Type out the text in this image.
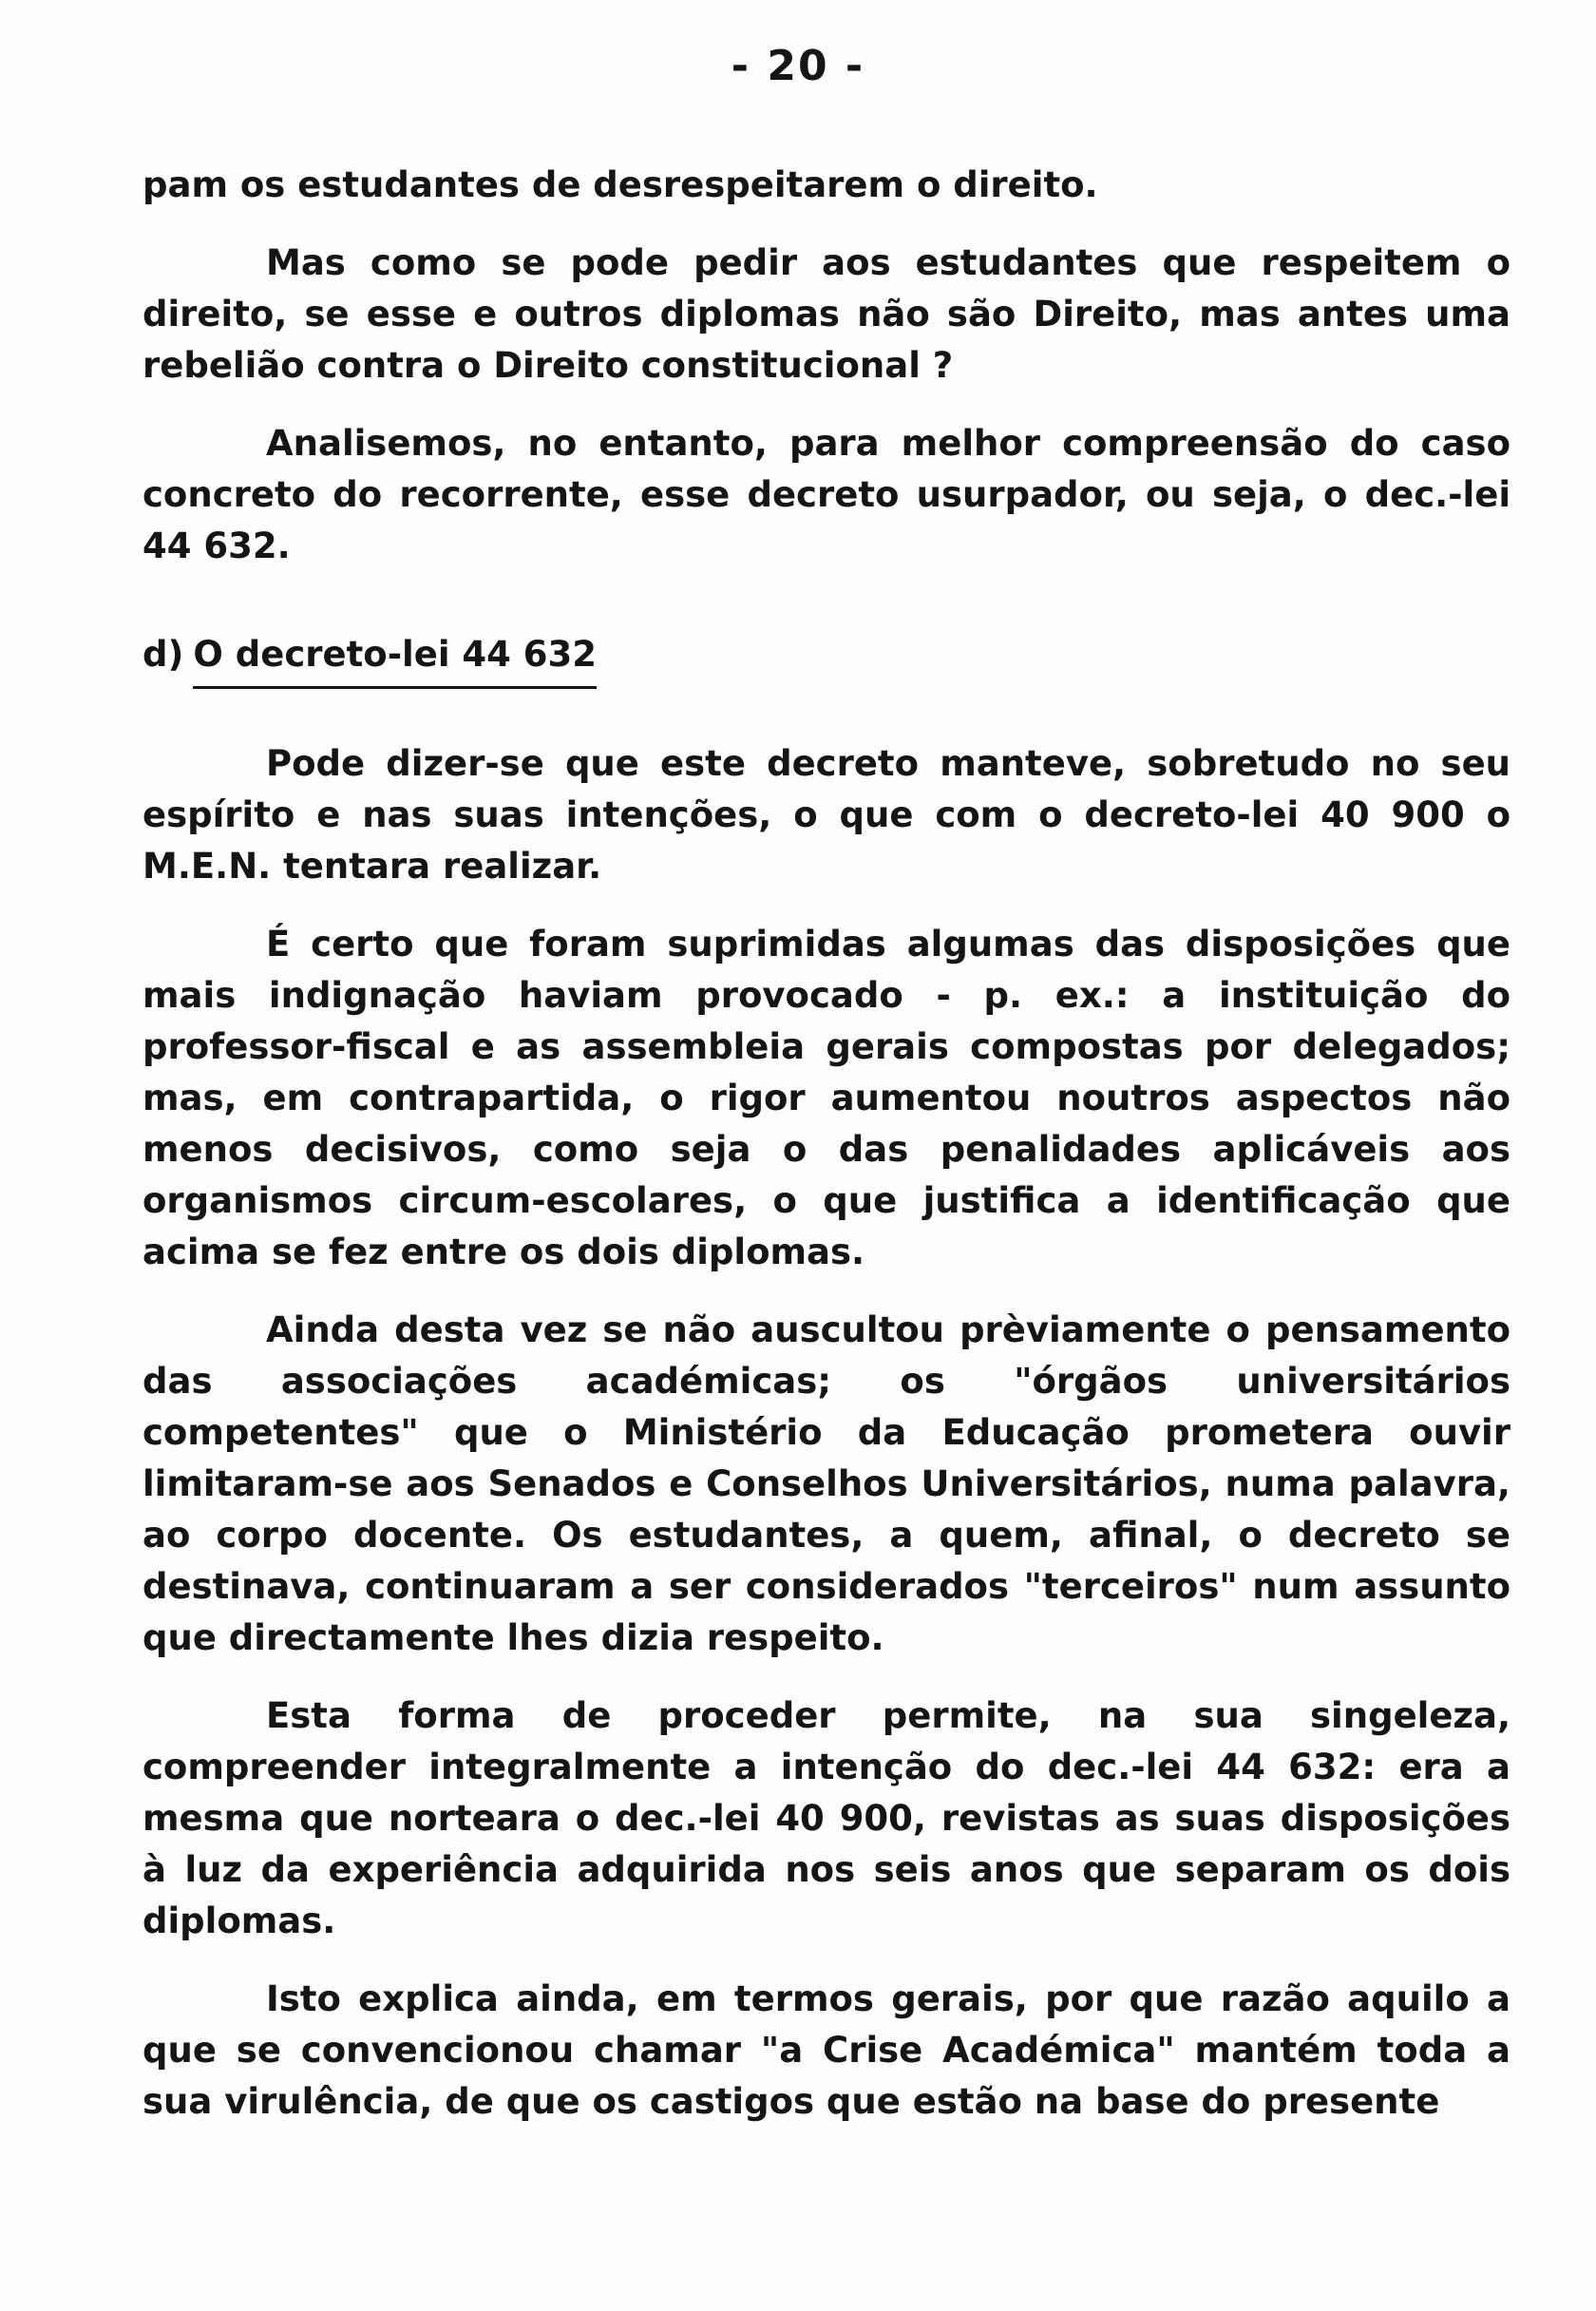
- 20 -

pam os estudantes de desrespeitarem o direito.

Mas como se pode pedir aos estudantes que respeitem o direito, se esse e outros diplomas não são Direito, mas antes uma rebelião contra o Direito constitucional ?

Analisemos, no entanto, para melhor compreensão do caso concreto do recorrente, esse decreto usurpador, ou seja, o dec.-lei 44 632.

d) O decreto-lei 44 632

Pode dizer-se que este decreto manteve, sobretudo no seu espírito e nas suas intenções, o que com o decreto-lei 40 900 o M.E.N. tentara realizar.

É certo que foram suprimidas algumas das disposições que mais indignação haviam provocado - p. ex.: a instituição do professor-fiscal e as assembleia gerais compostas por delegados; mas, em contrapartida, o rigor aumentou noutros aspectos não menos decisivos, como seja o das penalidades aplicáveis aos organismos circum-escolares, o que justifica a identificação que acima se fez entre os dois diplomas.

Ainda desta vez se não auscultou prèviamente o pensamento das associações académicas; os "órgãos universitários competentes" que o Ministério da Educação prometera ouvir limitaram-se aos Senados e Conselhos Universitários, numa palavra, ao corpo docente. Os estudantes, a quem, afinal, o decreto se destinava, continuaram a ser considerados "terceiros" num assunto que directamente lhes dizia respeito.

Esta forma de proceder permite, na sua singeleza, compreender integralmente a intenção do dec.-lei 44 632: era a mesma que norteara o dec.-lei 40 900, revistas as suas disposições à luz da experiência adquirida nos seis anos que separam os dois diplomas.

Isto explica ainda, em termos gerais, por que razão aquilo a que se convencionou chamar "a Crise Académica" mantém toda a sua virulência, de que os castigos que estão na base do presente
